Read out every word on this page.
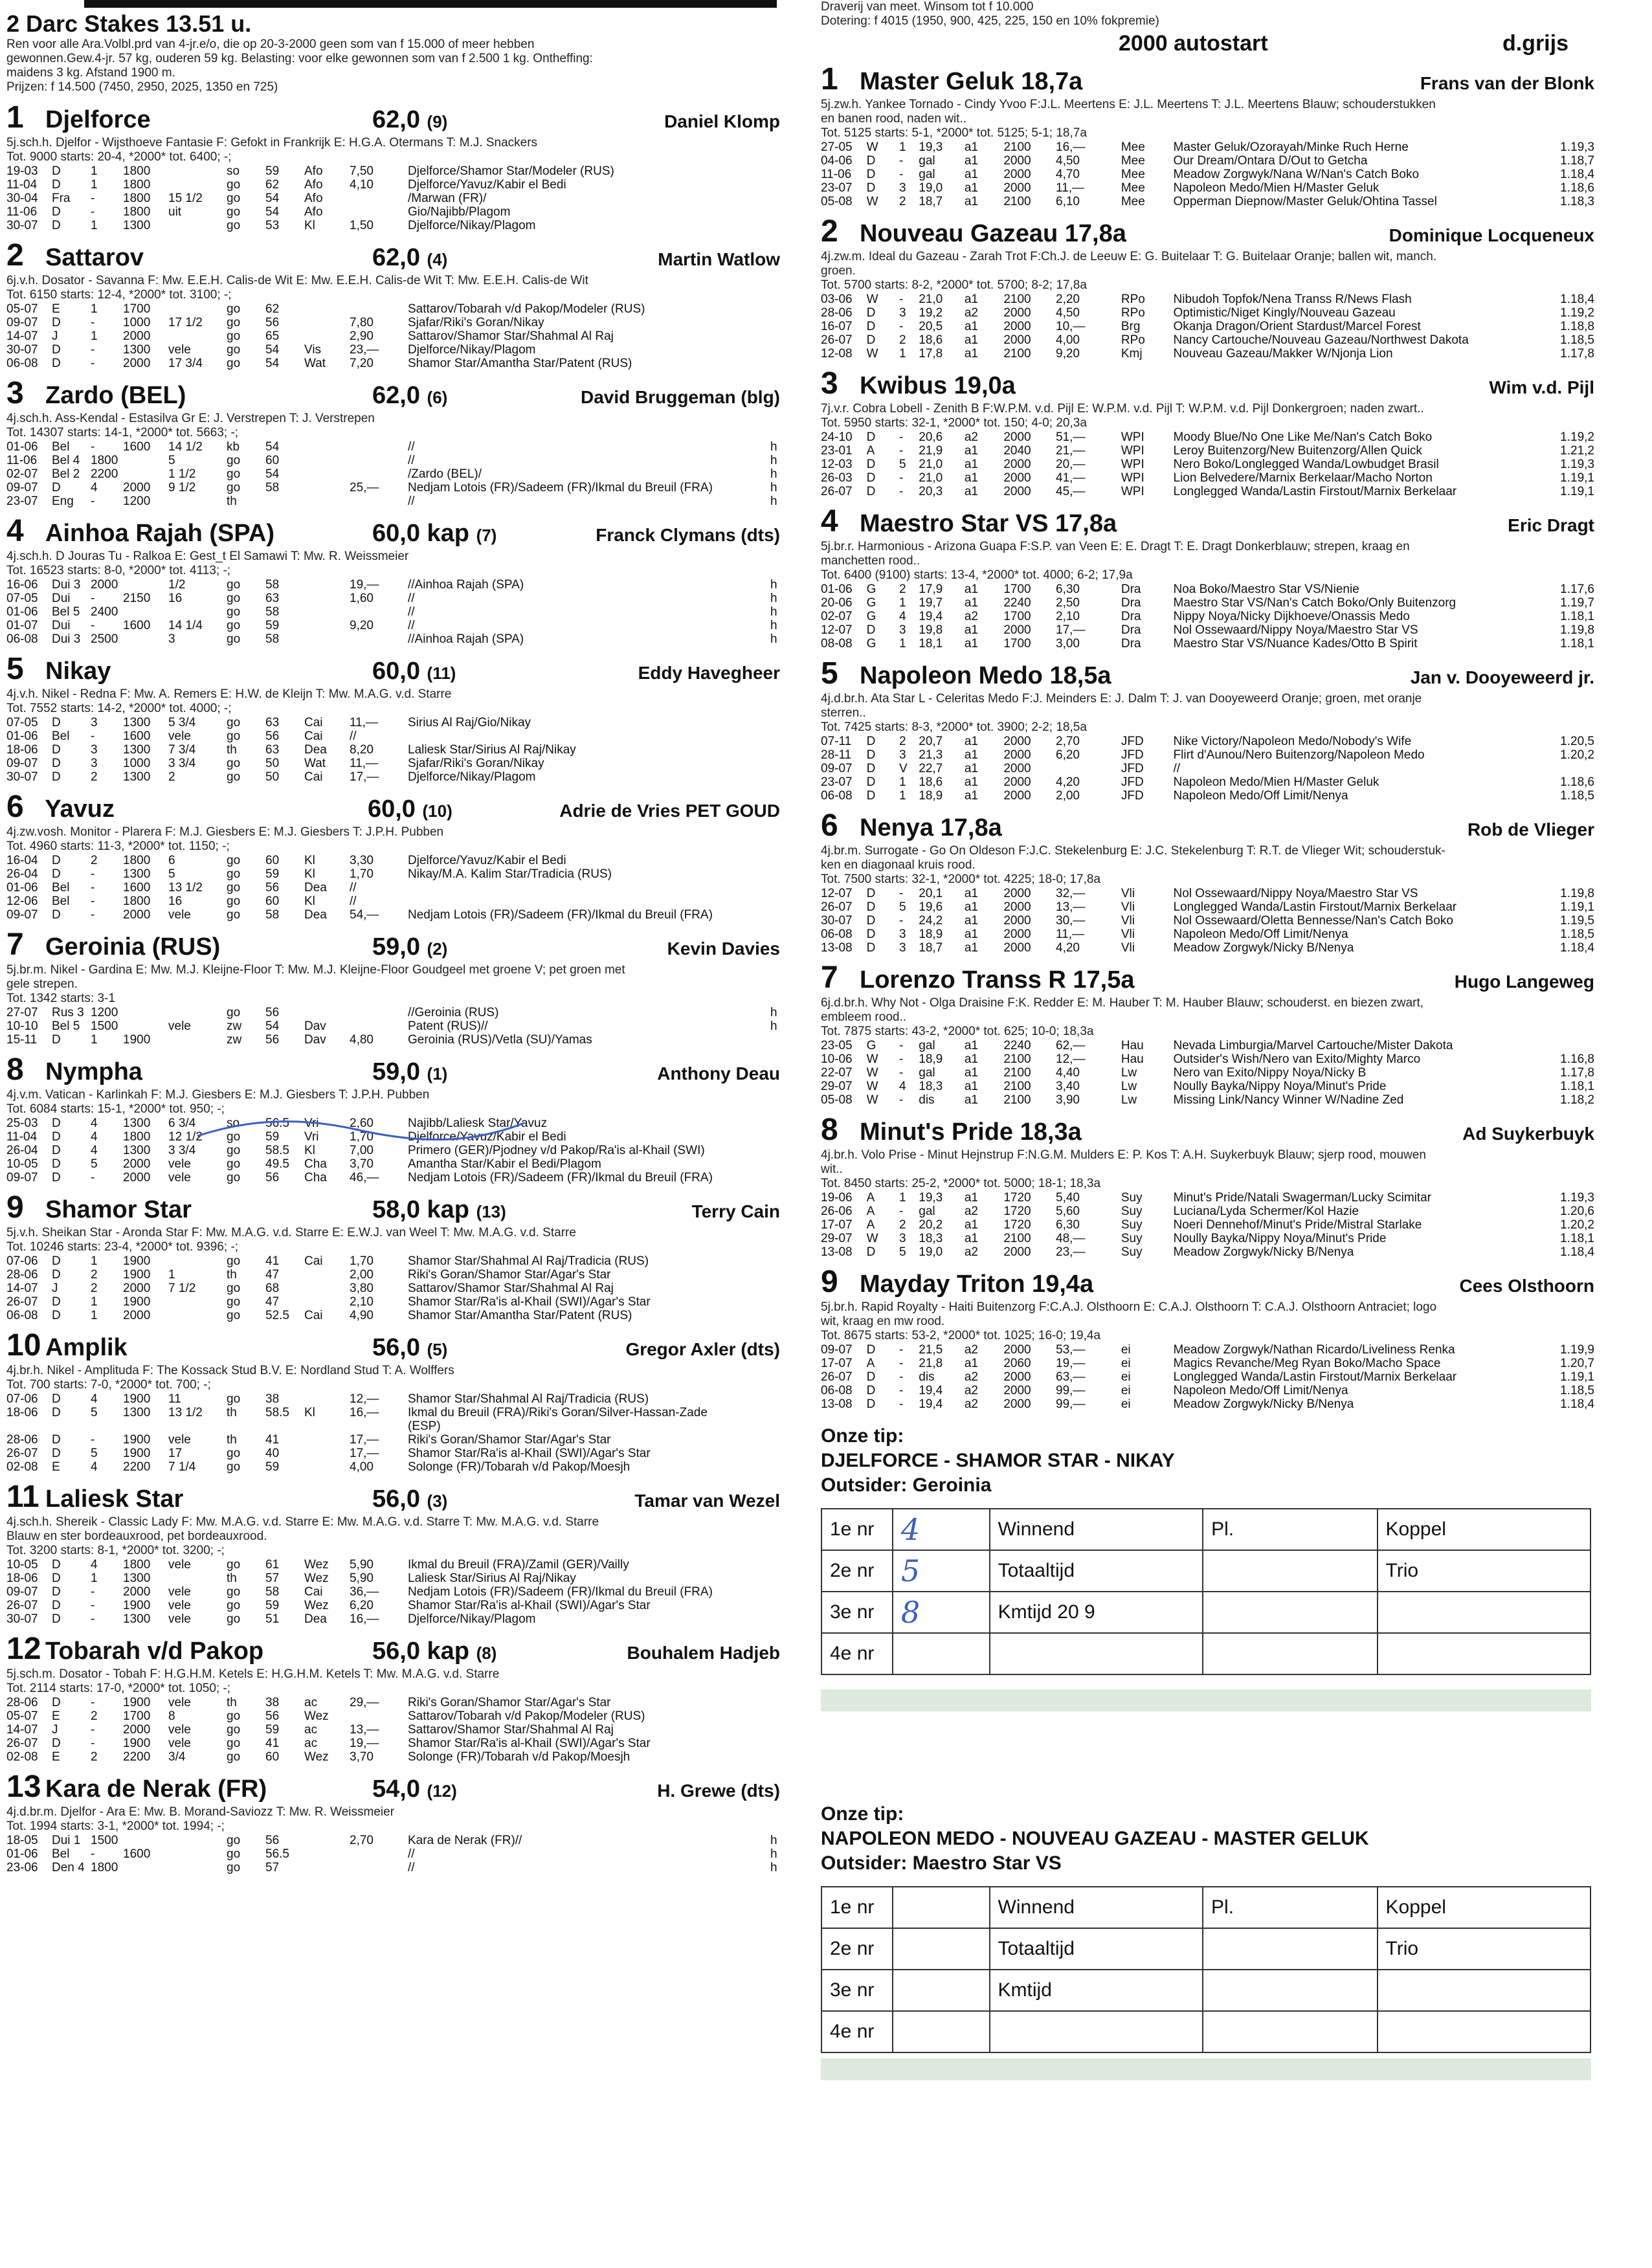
2 Darc Stakes 13.51 u.
Ren voor alle Ara.Volbl.prd van 4-jr.e/o, die op 20-3-2000 geen som van f 15.000 of meer hebben
gewonnen.Gew.4-jr. 57 kg, ouderen 59 kg. Belasting: voor elke gewonnen som van f 2.500 1 kg. Ontheffing:
maidens 3 kg. Afstand 1900 m.
Prijzen: f 14.500 (7450, 2950, 2025, 1350 en 725)
1 Djelforce	62,0 (9)	Daniel Klomp
5j.sch.h. Djelfor - Wijsthoeve Fantasie F: Gefokt in Frankrijk E: H.G.A. Otermans T: M.J. Snackers
Tot. 9000 starts: 20-4, *2000* tot. 6400; -;
19-03	D	1	1800		so	59	Afo	7,50	Djelforce/Shamor Star/Modeler (RUS)	
11-04	D	1	1800		go	62	Afo	4,10	Djelforce/Yavuz/Kabir el Bedi	
30-04	Fra	-	1800	15 1/2	go	54	Afo		/Marwan (FR)/	
11-06	D	-	1800	uit	go	54	Afo		Gio/Najibb/Plagom	
30-07	D	1	1300		go	53	Kl	1,50	Djelforce/Nikay/Plagom	
2 Sattarov	62,0 (4)	Martin Watlow
6j.v.h. Dosator - Savanna F: Mw. E.E.H. Calis-de Wit E: Mw. E.E.H. Calis-de Wit T: Mw. E.E.H. Calis-de Wit
Tot. 6150 starts: 12-4, *2000* tot. 3100; -;
05-07	E	1	1700		go	62			Sattarov/Tobarah v/d Pakop/Modeler (RUS)	
09-07	D	-	1000	17 1/2	go	56		7,80	Sjafar/Riki's Goran/Nikay	
14-07	J	1	2000		go	65		2,90	Sattarov/Shamor Star/Shahmal Al Raj	
30-07	D	-	1300	vele	go	54	Vis	23,—	Djelforce/Nikay/Plagom	
06-08	D	-	2000	17 3/4	go	54	Wat	7,20	Shamor Star/Amantha Star/Patent (RUS)	
3 Zardo (BEL)	62,0 (6)	David Bruggeman (blg)
4j.sch.h. Ass-Kendal - Estasilva Gr E: J. Verstrepen T: J. Verstrepen
Tot. 14307 starts: 14-1, *2000* tot. 5663; -;
01-06	Bel	-	1600	14 1/2	kb	54			//	h
11-06	Bel 4	1800		5	go	60			//	h
02-07	Bel 2	2200		1 1/2	go	54			/Zardo (BEL)/	h
09-07	D	4	2000	9 1/2	go	58		25,—	Nedjam Lotois (FR)/Sadeem (FR)/Ikmal du Breuil (FRA)	h
23-07	Eng	-	1200		th				//	h
4 Ainhoa Rajah (SPA)	60,0 kap (7)	Franck Clymans (dts)
4j.sch.h. D Jouras Tu - Ralkoa E: Gest_t El Samawi T: Mw. R. Weissmeier
Tot. 16523 starts: 8-0, *2000* tot. 4113; -;
16-06	Dui 3	2000		1/2	go	58		19,—	//Ainhoa Rajah (SPA)	h
07-05	Dui	-	2150	16	go	63		1,60	//	h
01-06	Bel 5	2400			go	58			//	h
01-07	Dui	-	1600	14 1/4	go	59		9,20	//	h
06-08	Dui 3	2500		3	go	58			//Ainhoa Rajah (SPA)	h
5 Nikay	60,0 (11)	Eddy Havegheer
4j.v.h. Nikel - Redna F: Mw. A. Remers E: H.W. de Kleijn T: Mw. M.A.G. v.d. Starre
Tot. 7552 starts: 14-2, *2000* tot. 4000; -;
07-05	D	3	1300	5 3/4	go	63	Cai	11,—	Sirius Al Raj/Gio/Nikay	
01-06	Bel	-	1600	vele	go	56	Cai	//		
18-06	D	3	1300	7 3/4	th	63	Dea	8,20	Laliesk Star/Sirius Al Raj/Nikay	
09-07	D	3	1000	3 3/4	go	50	Wat	11,—	Sjafar/Riki's Goran/Nikay	
30-07	D	2	1300	2	go	50	Cai	17,—	Djelforce/Nikay/Plagom	
6 Yavuz	60,0 (10)	Adrie de Vries PET GOUD
4j.zw.vosh. Monitor - Plarera F: M.J. Giesbers E: M.J. Giesbers T: J.P.H. Pubben
Tot. 4960 starts: 11-3, *2000* tot. 1150; -;
16-04	D	2	1800	6	go	60	Kl	3,30	Djelforce/Yavuz/Kabir el Bedi	
26-04	D	-	1300	5	go	59	Kl	1,70	Nikay/M.A. Kalim Star/Tradicia (RUS)	
01-06	Bel	-	1600	13 1/2	go	56	Dea	//		
12-06	Bel	-	1800	16	go	60	Kl	//		
09-07	D	-	2000	vele	go	58	Dea	54,—	Nedjam Lotois (FR)/Sadeem (FR)/Ikmal du Breuil (FRA)	
7 Geroinia (RUS)	59,0 (2)	Kevin Davies
5j.br.m. Nikel - Gardina E: Mw. M.J. Kleijne-Floor T: Mw. M.J. Kleijne-Floor Goudgeel met groene V; pet groen met
gele strepen.
Tot. 1342 starts: 3-1
27-07	Rus 3	1200			go	56			//Geroinia (RUS)	h
10-10	Bel 5	1500		vele	zw	54	Dav		Patent (RUS)//	h
15-11	D	1	1900		zw	56	Dav	4,80	Geroinia (RUS)/Vetla (SU)/Yamas	
8 Nympha	59,0 (1)	Anthony Deau
4j.v.m. Vatican - Karlinkah F: M.J. Giesbers E: M.J. Giesbers T: J.P.H. Pubben
Tot. 6084 starts: 15-1, *2000* tot. 950; -;
25-03	D	4	1300	6 3/4	so	56.5	Vri	2,60	Najibb/Laliesk Star/Yavuz	
11-04	D	4	1800	12 1/2	go	59	Vri	1,70	Djelforce/Yavuz/Kabir el Bedi	
26-04	D	4	1300	3 3/4	go	58.5	Kl	7,00	Primero (GER)/Pjodney v/d Pakop/Ra'is al-Khail (SWI)	
10-05	D	5	2000	vele	go	49.5	Cha	3,70	Amantha Star/Kabir el Bedi/Plagom	
09-07	D	-	2000	vele	go	56	Cha	46,—	Nedjam Lotois (FR)/Sadeem (FR)/Ikmal du Breuil (FRA)	
9 Shamor Star	58,0 kap (13)	Terry Cain
5j.v.h. Sheikan Star - Aronda Star F: Mw. M.A.G. v.d. Starre E: E.W.J. van Weel T: Mw. M.A.G. v.d. Starre
Tot. 10246 starts: 23-4, *2000* tot. 9396; -;
07-06	D	1	1900		go	41	Cai	1,70	Shamor Star/Shahmal Al Raj/Tradicia (RUS)	
28-06	D	2	1900	1	th	47		2,00	Riki's Goran/Shamor Star/Agar's Star	
14-07	J	2	2000	7 1/2	go	68		3,80	Sattarov/Shamor Star/Shahmal Al Raj	
26-07	D	1	1900		go	47		2,10	Shamor Star/Ra'is al-Khail (SWI)/Agar's Star	
06-08	D	1	2000		go	52.5	Cai	4,90	Shamor Star/Amantha Star/Patent (RUS)	
10 Amplik	56,0 (5)	Gregor Axler (dts)
4j.br.h. Nikel - Amplituda F: The Kossack Stud B.V. E: Nordland Stud T: A. Wolffers
Tot. 700 starts: 7-0, *2000* tot. 700; -;
07-06	D	4	1900	11	go	38		12,—	Shamor Star/Shahmal Al Raj/Tradicia (RUS)	
18-06	D	5	1300	13 1/2	th	58.5	Kl	16,—	Ikmal du Breuil (FRA)/Riki's Goran/Silver-Hassan-Zade	
									(ESP)	
28-06	D	-	1900	vele	th	41		17,—	Riki's Goran/Shamor Star/Agar's Star	
26-07	D	5	1900	17	go	40		17,—	Shamor Star/Ra'is al-Khail (SWI)/Agar's Star	
02-08	E	4	2200	7 1/4	go	59		4,00	Solonge (FR)/Tobarah v/d Pakop/Moesjh	
11 Laliesk Star	56,0 (3)	Tamar van Wezel
4j.sch.h. Shereik - Classic Lady F: Mw. M.A.G. v.d. Starre E: Mw. M.A.G. v.d. Starre T: Mw. M.A.G. v.d. Starre
Blauw en ster bordeauxrood, pet bordeauxrood.
Tot. 3200 starts: 8-1, *2000* tot. 3200; -;
10-05	D	4	1800	vele	go	61	Wez	5,90	Ikmal du Breuil (FRA)/Zamil (GER)/Vailly	
18-06	D	1	1300		th	57	Wez	5,90	Laliesk Star/Sirius Al Raj/Nikay	
09-07	D	-	2000	vele	go	58	Cai	36,—	Nedjam Lotois (FR)/Sadeem (FR)/Ikmal du Breuil (FRA)	
26-07	D	-	1900	vele	go	59	Wez	6,20	Shamor Star/Ra'is al-Khail (SWI)/Agar's Star	
30-07	D	-	1300	vele	go	51	Dea	16,—	Djelforce/Nikay/Plagom	
12 Tobarah v/d Pakop	56,0 kap (8)	Bouhalem Hadjeb
5j.sch.m. Dosator - Tobah F: H.G.H.M. Ketels E: H.G.H.M. Ketels T: Mw. M.A.G. v.d. Starre
Tot. 2114 starts: 17-0, *2000* tot. 1050; -;
28-06	D	-	1900	vele	th	38	ac	29,—	Riki's Goran/Shamor Star/Agar's Star	
05-07	E	2	1700	8	go	56	Wez		Sattarov/Tobarah v/d Pakop/Modeler (RUS)	
14-07	J	-	2000	vele	go	59	ac	13,—	Sattarov/Shamor Star/Shahmal Al Raj	
26-07	D	-	1900	vele	go	41	ac	19,—	Shamor Star/Ra'is al-Khail (SWI)/Agar's Star	
02-08	E	2	2200	3/4	go	60	Wez	3,70	Solonge (FR)/Tobarah v/d Pakop/Moesjh	
13 Kara de Nerak (FR)	54,0 (12)	H. Grewe (dts)
4j.d.br.m. Djelfor - Ara E: Mw. B. Morand-Saviozz T: Mw. R. Weissmeier
Tot. 1994 starts: 3-1, *2000* tot. 1994; -;
18-05	Dui 1	1500			go	56		2,70	Kara de Nerak (FR)//	h
01-06	Bel	-	1600		go	56.5			//	h
23-06	Den 4	1800			go	57			//	h
Draverij van meet. Winsom tot f 10.000
Dotering: f 4015 (1950, 900, 425, 225, 150 en 10% fokpremie)
2000 autostart	d.grijs
1 Master Geluk 18,7a	Frans van der Blonk
5j.zw.h. Yankee Tornado - Cindy Yvoo F:J.L. Meertens E: J.L. Meertens T: J.L. Meertens Blauw; schouderstukken
en banen rood, naden wit..
Tot. 5125 starts: 5-1, *2000* tot. 5125; 5-1; 18,7a
27-05	W	1	19,3	a1	2100	16,—	Mee	Master Geluk/Ozorayah/Minke Ruch Herne	1.19,3
04-06	D	-	gal	a1	2000	4,50	Mee	Our Dream/Ontara D/Out to Getcha	1.18,7
11-06	D	-	gal	a1	2000	4,70	Mee	Meadow Zorgwyk/Nana W/Nan's Catch Boko	1.18,4
23-07	D	3	19,0	a1	2000	11,—	Mee	Napoleon Medo/Mien H/Master Geluk	1.18,6
05-08	W	2	18,7	a1	2100	6,10	Mee	Opperman Diepnow/Master Geluk/Ohtina Tassel	1.18,3
2 Nouveau Gazeau 17,8a	Dominique Locqueneux
4j.zw.m. Ideal du Gazeau - Zarah Trot F:Ch.J. de Leeuw E: G. Buitelaar T: G. Buitelaar Oranje; ballen wit, manch.
groen.
Tot. 5700 starts: 8-2, *2000* tot. 5700; 8-2; 17,8a
03-06	W	-	21,0	a1	2100	2,20	RPo	Nibudoh Topfok/Nena Transs R/News Flash	1.18,4
28-06	D	3	19,2	a2	2000	4,50	RPo	Optimistic/Niget Kingly/Nouveau Gazeau	1.19,2
16-07	D	-	20,5	a1	2000	10,—	Brg	Okanja Dragon/Orient Stardust/Marcel Forest	1.18,8
26-07	D	2	18,6	a1	2000	4,00	RPo	Nancy Cartouche/Nouveau Gazeau/Northwest Dakota	1.18,5
12-08	W	1	17,8	a1	2100	9,20	Kmj	Nouveau Gazeau/Makker W/Njonja Lion	1.17,8
3 Kwibus 19,0a	Wim v.d. Pijl
7j.v.r. Cobra Lobell - Zenith B F:W.P.M. v.d. Pijl E: W.P.M. v.d. Pijl T: W.P.M. v.d. Pijl Donkergroen; naden zwart..
Tot. 5950 starts: 32-1, *2000* tot. 150; 4-0; 20,3a
24-10	D	-	20,6	a2	2000	51,—	WPI	Moody Blue/No One Like Me/Nan's Catch Boko	1.19,2
23-01	A	-	21,9	a1	2040	21,—	WPI	Leroy Buitenzorg/New Buitenzorg/Allen Quick	1.21,2
12-03	D	5	21,0	a1	2000	20,—	WPI	Nero Boko/Longlegged Wanda/Lowbudget Brasil	1.19,3
26-03	D	-	21,0	a1	2000	41,—	WPI	Lion Belvedere/Marnix Berkelaar/Macho Norton	1.19,1
26-07	D	-	20,3	a1	2000	45,—	WPI	Longlegged Wanda/Lastin Firstout/Marnix Berkelaar	1.19,1
4 Maestro Star VS 17,8a	Eric Dragt
5j.br.r. Harmonious - Arizona Guapa F:S.P. van Veen E: E. Dragt T: E. Dragt Donkerblauw; strepen, kraag en
manchetten rood..
Tot. 6400 (9100) starts: 13-4, *2000* tot. 4000; 6-2; 17,9a
01-06	G	2	17,9	a1	1700	6,30	Dra	Noa Boko/Maestro Star VS/Nienie	1.17,6
20-06	G	1	19,7	a1	2240	2,50	Dra	Maestro Star VS/Nan's Catch Boko/Only Buitenzorg	1.19,7
02-07	G	4	19,4	a2	1700	2,10	Dra	Nippy Noya/Nicky Dijkhoeve/Onassis Medo	1.18,1
12-07	D	3	19,8	a1	2000	17,—	Dra	Nol Ossewaard/Nippy Noya/Maestro Star VS	1.19,8
08-08	G	1	18,1	a1	1700	3,00	Dra	Maestro Star VS/Nuance Kades/Otto B Spirit	1.18,1
5 Napoleon Medo 18,5a	Jan v. Dooyeweerd jr.
4j.d.br.h. Ata Star L - Celeritas Medo F:J. Meinders E: J. Dalm T: J. van Dooyeweerd Oranje; groen, met oranje
sterren..
Tot. 7425 starts: 8-3, *2000* tot. 3900; 2-2; 18,5a
07-11	D	2	20,7	a1	2000	2,70	JFD	Nike Victory/Napoleon Medo/Nobody's Wife	1.20,5
28-11	D	3	21,3	a1	2000	6,20	JFD	Flirt d'Aunou/Nero Buitenzorg/Napoleon Medo	1.20,2
09-07	D	V	22,7	a1	2000		JFD	//	
23-07	D	1	18,6	a1	2000	4,20	JFD	Napoleon Medo/Mien H/Master Geluk	1.18,6
06-08	D	1	18,9	a1	2000	2,00	JFD	Napoleon Medo/Off Limit/Nenya	1.18,5
6 Nenya 17,8a	Rob de Vlieger
4j.br.m. Surrogate - Go On Oldeson F:J.C. Stekelenburg E: J.C. Stekelenburg T: R.T. de Vlieger Wit; schouderstuk-
ken en diagonaal kruis rood.
Tot. 7500 starts: 32-1, *2000* tot. 4225; 18-0; 17,8a
12-07	D	-	20,1	a1	2000	32,—	Vli	Nol Ossewaard/Nippy Noya/Maestro Star VS	1.19,8
26-07	D	5	19,6	a1	2000	13,—	Vli	Longlegged Wanda/Lastin Firstout/Marnix Berkelaar	1.19,1
30-07	D	-	24,2	a1	2000	30,—	Vli	Nol Ossewaard/Oletta Bennesse/Nan's Catch Boko	1.19,5
06-08	D	3	18,9	a1	2000	11,—	Vli	Napoleon Medo/Off Limit/Nenya	1.18,5
13-08	D	3	18,7	a1	2000	4,20	Vli	Meadow Zorgwyk/Nicky B/Nenya	1.18,4
7 Lorenzo Transs R 17,5a	Hugo Langeweg
6j.d.br.h. Why Not - Olga Draisine F:K. Redder E: M. Hauber T: M. Hauber Blauw; schouderst. en biezen zwart,
embleem rood..
Tot. 7875 starts: 43-2, *2000* tot. 625; 10-0; 18,3a
23-05	G	-	gal	a1	2240	62,—	Hau	Nevada Limburgia/Marvel Cartouche/Mister Dakota	
10-06	W	-	18,9	a1	2100	12,—	Hau	Outsider's Wish/Nero van Exito/Mighty Marco	1.16,8
22-07	W	-	gal	a1	2100	4,40	Lw	Nero van Exito/Nippy Noya/Nicky B	1.17,8
29-07	W	4	18,3	a1	2100	3,40	Lw	Noully Bayka/Nippy Noya/Minut's Pride	1.18,1
05-08	W	-	dis	a1	2100	3,90	Lw	Missing Link/Nancy Winner W/Nadine Zed	1.18,2
8 Minut's Pride 18,3a	Ad Suykerbuyk
4j.br.h. Volo Prise - Minut Hejnstrup F:N.G.M. Mulders E: P. Kos T: A.H. Suykerbuyk Blauw; sjerp rood, mouwen
wit..
Tot. 8450 starts: 25-2, *2000* tot. 5000; 18-1; 18,3a
19-06	A	1	19,3	a1	1720	5,40	Suy	Minut's Pride/Natali Swagerman/Lucky Scimitar	1.19,3
26-06	A	-	gal	a2	1720	5,60	Suy	Luciana/Lyda Schermer/Kol Hazie	1.20,6
17-07	A	2	20,2	a1	1720	6,30	Suy	Noeri Dennehof/Minut's Pride/Mistral Starlake	1.20,2
29-07	W	3	18,3	a1	2100	48,—	Suy	Noully Bayka/Nippy Noya/Minut's Pride	1.18,1
13-08	D	5	19,0	a2	2000	23,—	Suy	Meadow Zorgwyk/Nicky B/Nenya	1.18,4
9 Mayday Triton 19,4a	Cees Olsthoorn
5j.br.h. Rapid Royalty - Haiti Buitenzorg F:C.A.J. Olsthoorn E: C.A.J. Olsthoorn T: C.A.J. Olsthoorn Antraciet; logo
wit, kraag en mw rood.
Tot. 8675 starts: 53-2, *2000* tot. 1025; 16-0; 19,4a
09-07	D	-	21,5	a2	2000	53,—	ei	Meadow Zorgwyk/Nathan Ricardo/Liveliness Renka	1.19,9
17-07	A	-	21,8	a1	2060	19,—	ei	Magics Revanche/Meg Ryan Boko/Macho Space	1.20,7
26-07	D	-	dis	a2	2000	63,—	ei	Longlegged Wanda/Lastin Firstout/Marnix Berkelaar	1.19,1
06-08	D	-	19,4	a2	2000	99,—	ei	Napoleon Medo/Off Limit/Nenya	1.18,5
13-08	D	-	19,4	a2	2000	99,—	ei	Meadow Zorgwyk/Nicky B/Nenya	1.18,4
Onze tip:
DJELFORCE - SHAMOR STAR - NIKAY
Outsider: Geroinia
1e nr	4	Winnend	Pl.	Koppel
2e nr	5	Totaaltijd		Trio
3e nr	8	Kmtijd 20 9		
4e nr				
Onze tip:
NAPOLEON MEDO - NOUVEAU GAZEAU - MASTER GELUK
Outsider: Maestro Star VS
1e nr		Winnend	Pl.	Koppel
2e nr		Totaaltijd		Trio
3e nr		Kmtijd		
4e nr				
